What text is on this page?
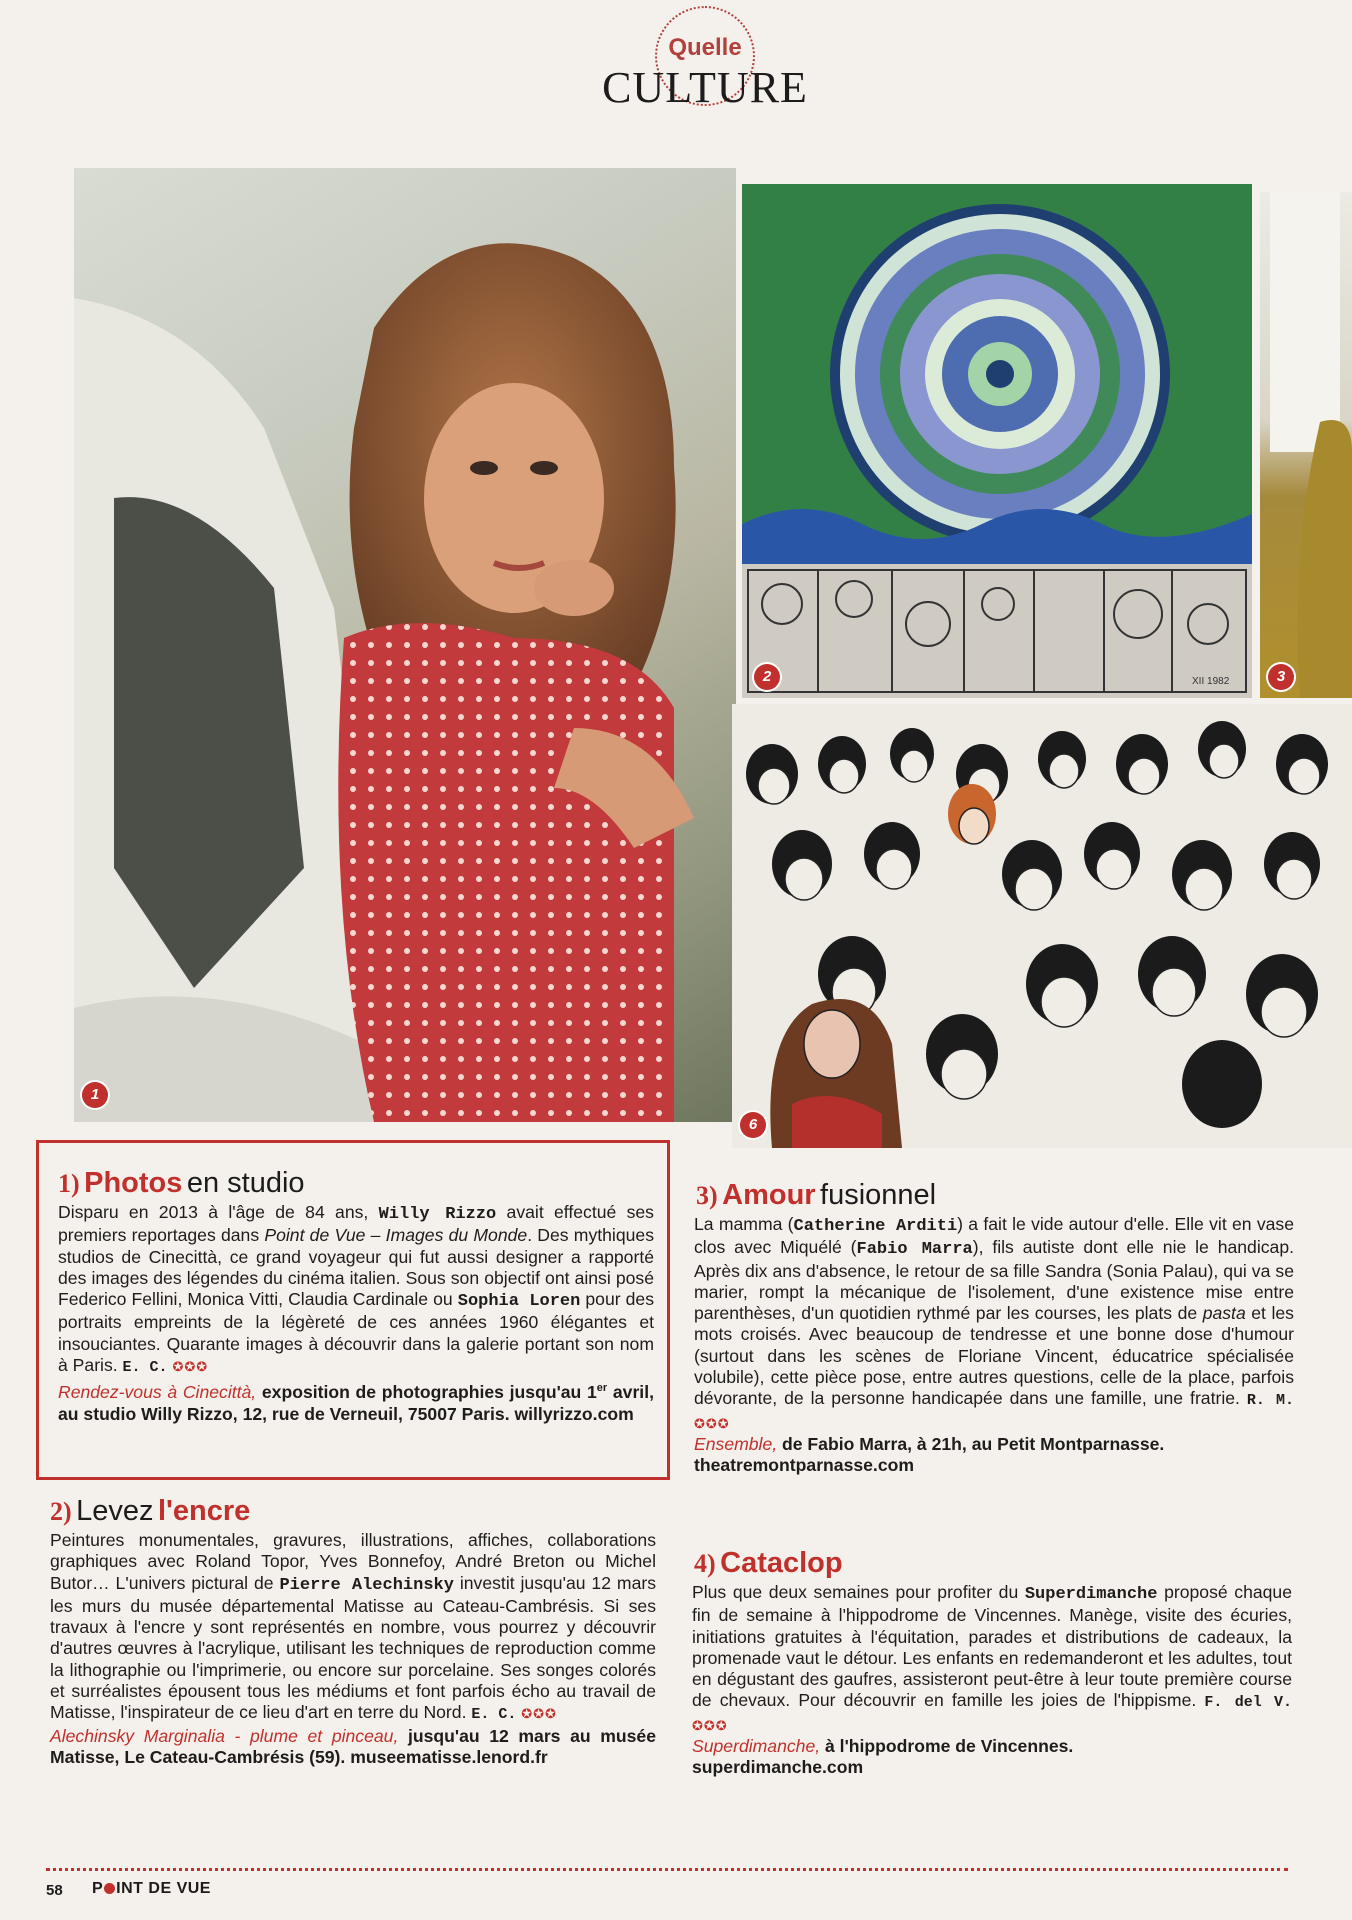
Quelle
CULTURE
1
XII 1982
2	3
6
1) Photos en studio
Disparu en 2013 à l'âge de 84 ans, Willy Rizzo avait effectué ses premiers reportages dans Point de Vue – Images du Monde. Des mythiques studios de Cinecittà, ce grand voyageur qui fut aussi designer a rapporté des images des légendes du cinéma italien. Sous son objectif ont ainsi posé Federico Fellini, Monica Vitti, Claudia Cardinale ou Sophia Loren pour des portraits empreints de la légèreté de ces années 1960 élégantes et insouciantes. Quarante images à découvrir dans la galerie portant son nom à Paris. E. C. ✪✪✪
Rendez-vous à Cinecittà, exposition de photographies jusqu'au 1er avril, au studio Willy Rizzo, 12, rue de Verneuil, 75007 Paris. willyrizzo.com
2) Levez l'encre
Peintures monumentales, gravures, illustrations, affiches, collaborations graphiques avec Roland Topor, Yves Bonnefoy, André Breton ou Michel Butor… L'univers pictural de Pierre Alechinsky investit jusqu'au 12 mars les murs du musée départemental Matisse au Cateau-Cambrésis. Si ses travaux à l'encre y sont représentés en nombre, vous pourrez y découvrir d'autres œuvres à l'acrylique, utilisant les techniques de reproduction comme la lithographie ou l'imprimerie, ou encore sur porcelaine. Ses songes colorés et surréalistes épousent tous les médiums et font parfois écho au travail de Matisse, l'inspirateur de ce lieu d'art en terre du Nord. E. C. ✪✪✪
Alechinsky Marginalia - plume et pinceau, jusqu'au 12 mars au musée Matisse, Le Cateau-Cambrésis (59). museematisse.lenord.fr
3) Amour fusionnel
La mamma (Catherine Arditi) a fait le vide autour d'elle. Elle vit en vase clos avec Miquélé (Fabio Marra), fils autiste dont elle nie le handicap. Après dix ans d'absence, le retour de sa fille Sandra (Sonia Palau), qui va se marier, rompt la mécanique de l'isolement, d'une existence mise entre parenthèses, d'un quotidien rythmé par les courses, les plats de pasta et les mots croisés. Avec beaucoup de tendresse et une bonne dose d'humour (surtout dans les scènes de Floriane Vincent, éducatrice spécialisée volubile), cette pièce pose, entre autres questions, celle de la place, parfois dévorante, de la personne handicapée dans une famille, une fratrie. R. M. ✪✪✪
Ensemble, de Fabio Marra, à 21h, au Petit Montparnasse.
theatremontparnasse.com
4) Cataclop
Plus que deux semaines pour profiter du Superdimanche proposé chaque fin de semaine à l'hippodrome de Vincennes. Manège, visite des écuries, initiations gratuites à l'équitation, parades et distributions de cadeaux, la promenade vaut le détour. Les enfants en redemanderont et les adultes, tout en dégustant des gaufres, assisteront peut-être à leur toute première course de chevaux. Pour découvrir en famille les joies de l'hippisme. F. del V. ✪✪✪
Superdimanche, à l'hippodrome de Vincennes.
superdimanche.com
58 P INT DE VUE
